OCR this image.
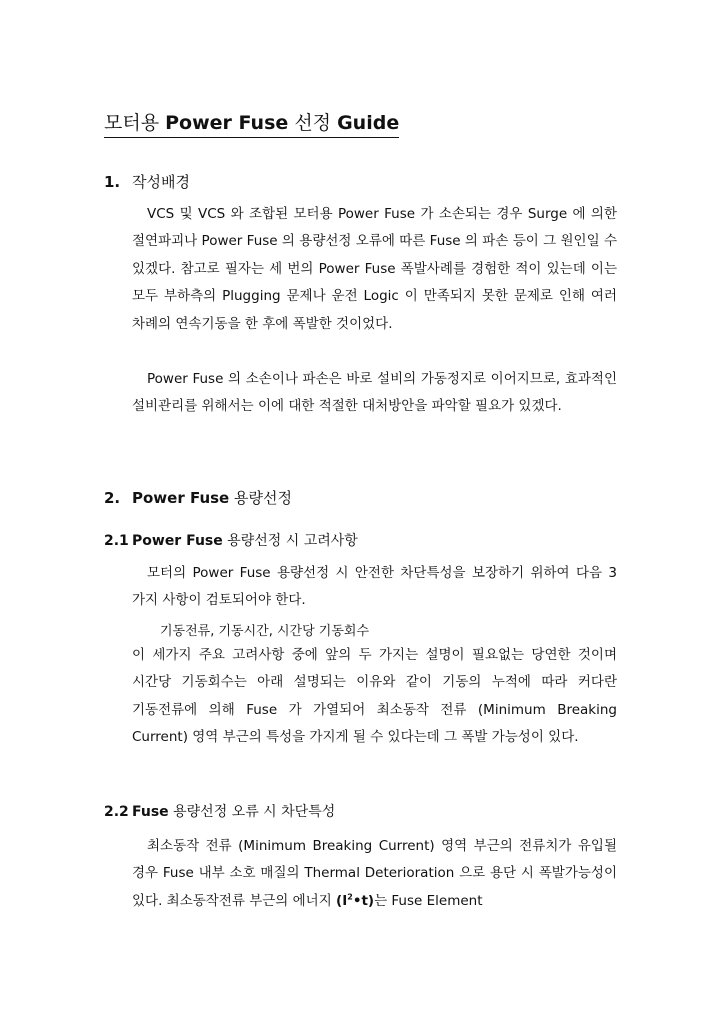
모터용 Power Fuse 선정 Guide
1. 작성배경
VCS 및 VCS 와 조합된 모터용 Power Fuse 가 소손되는 경우 Surge 에 의한 절연파괴나 Power Fuse 의 용량선정 오류에 따른 Fuse 의 파손 등이 그 원인일 수 있겠다. 참고로 필자는 세 번의 Power Fuse 폭발사례를 경험한 적이 있는데 이는 모두 부하측의 Plugging 문제나 운전 Logic 이 만족되지 못한 문제로 인해 여러 차례의 연속기동을 한 후에 폭발한 것이었다.
Power Fuse 의 소손이나 파손은 바로 설비의 가동정지로 이어지므로, 효과적인 설비관리를 위해서는 이에 대한 적절한 대처방안을 파악할 필요가 있겠다.
2. Power Fuse 용량선정
2.1 Power Fuse 용량선정 시 고려사항
모터의 Power Fuse 용량선정 시 안전한 차단특성을 보장하기 위하여 다음 3 가지 사항이 검토되어야 한다.
기동전류, 기동시간, 시간당 기동회수
이 세가지 주요 고려사항 중에 앞의 두 가지는 설명이 필요없는 당연한 것이며 시간당 기동회수는 아래 설명되는 이유와 같이 기동의 누적에 따라 커다란 기동전류에 의해 Fuse 가 가열되어 최소동작 전류 (Minimum Breaking Current) 영역 부근의 특성을 가지게 될 수 있다는데 그 폭발 가능성이 있다.
2.2 Fuse 용량선정 오류 시 차단특성
최소동작 전류 (Minimum Breaking Current) 영역 부근의 전류치가 유입될 경우 Fuse 내부 소호 매질의 Thermal Deterioration 으로 용단 시 폭발가능성이 있다. 최소동작전류 부근의 에너지 $(I^2•t)$는 Fuse Element
